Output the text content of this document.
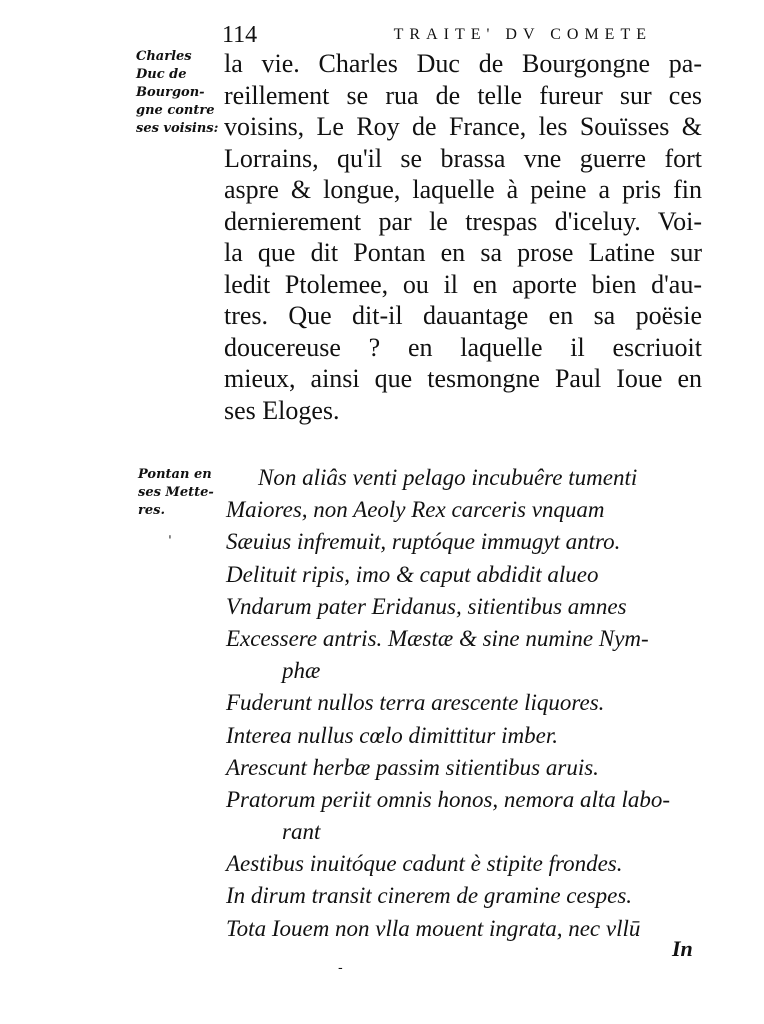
114	TRAITE' DV COMETE
Charles
Duc de
Bourgon-
gne contre
ses voisins:
la vie. Charles Duc de Bourgongne pa-
reillement se rua de telle fureur sur ces
voisins, Le Roy de France, les Souïsses &
Lorrains, qu'il se brassa vne guerre fort
aspre & longue, laquelle à peine a pris fin
dernierement par le trespas d'iceluy. Voi-
la que dit Pontan en sa prose Latine sur
ledit Ptolemee, ou il en aporte bien d'au-
tres. Que dit-il dauantage en sa poësie
doucereuse ? en laquelle il escriuoit
mieux, ainsi que tesmongne Paul Ioue en
ses Eloges.
Pontan en
ses Mette-
res.
ˈ
Non aliâs venti pelago incubuêre tumenti
Maiores, non Aeoly Rex carceris vnquam
Sæuius infremuit, ruptóque immugyt antro.
Delituit ripis, imo & caput abdidit alueo
Vndarum pater Eridanus, sitientibus amnes
Excessere antris. Mæstæ & sine numine Nym-
phæ
Fuderunt nullos terra arescente liquores.
Interea nullus cœlo dimittitur imber.
Arescunt herbæ passim sitientibus aruis.
Pratorum periit omnis honos, nemora alta labo-
rant
Aestibus inuitóque cadunt è stipite frondes.
In dirum transit cinerem de gramine cespes.
Tota Iouem non vlla mouent ingrata, nec vllū
In
-
